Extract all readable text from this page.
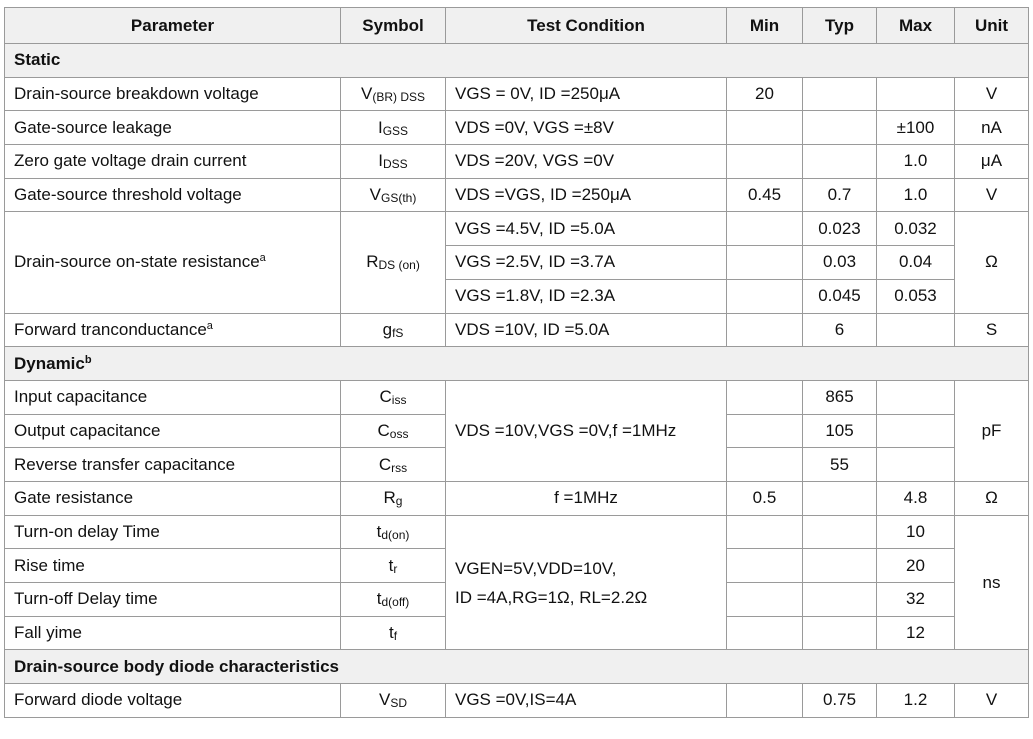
Parameter	Symbol	Test Condition	Min	Typ	Max	Unit
Static						
Drain-source breakdown voltage	$V_{(BR) DSS}$	VGS = 0V, ID =250μA	20			V
Gate-source leakage	$I_{GSS}$	VDS =0V, VGS =±8V			±100	nA
Zero gate voltage drain current	$I_{DSS}$	VDS =20V, VGS =0V			1.0	μA
Gate-source threshold voltage	$V_{GS(th)}$	VDS =VGS, ID =250μA	0.45	0.7	1.0	V
Drain-source on-state resistance$^a$	$R_{DS (on)}$	VGS =4.5V, ID =5.0A		0.023	0.032	Ω
		VGS =2.5V, ID =3.7A		0.03	0.04	
		VGS =1.8V, ID =2.3A		0.045	0.053	
Forward tranconductance$^a$	$g_{fS}$	VDS =10V, ID =5.0A		6		S
Dynamic$^b$
Input capacitance	$C_{iss}$	VDS =10V,VGS =0V,f =1MHz		865		pF
Output capacitance	$C_{oss}$			105		
Reverse transfer capacitance	$C_{rss}$			55		
Gate resistance	$R_g$	f =1MHz	0.5		4.8	Ω
Turn-on delay Time	$t_{d(on)}$	VGEN=5V,VDD=10V,
ID =4A,RG=1Ω, RL=2.2Ω			10	ns
Rise time	$t_r$				20	
Turn-off Delay time	$t_{d(off)}$				32	
Fall yime	$t_f$				12	
Drain-source body diode characteristics						
Forward diode voltage	$V_{SD}$	VGS =0V,IS=4A		0.75	1.2	V
